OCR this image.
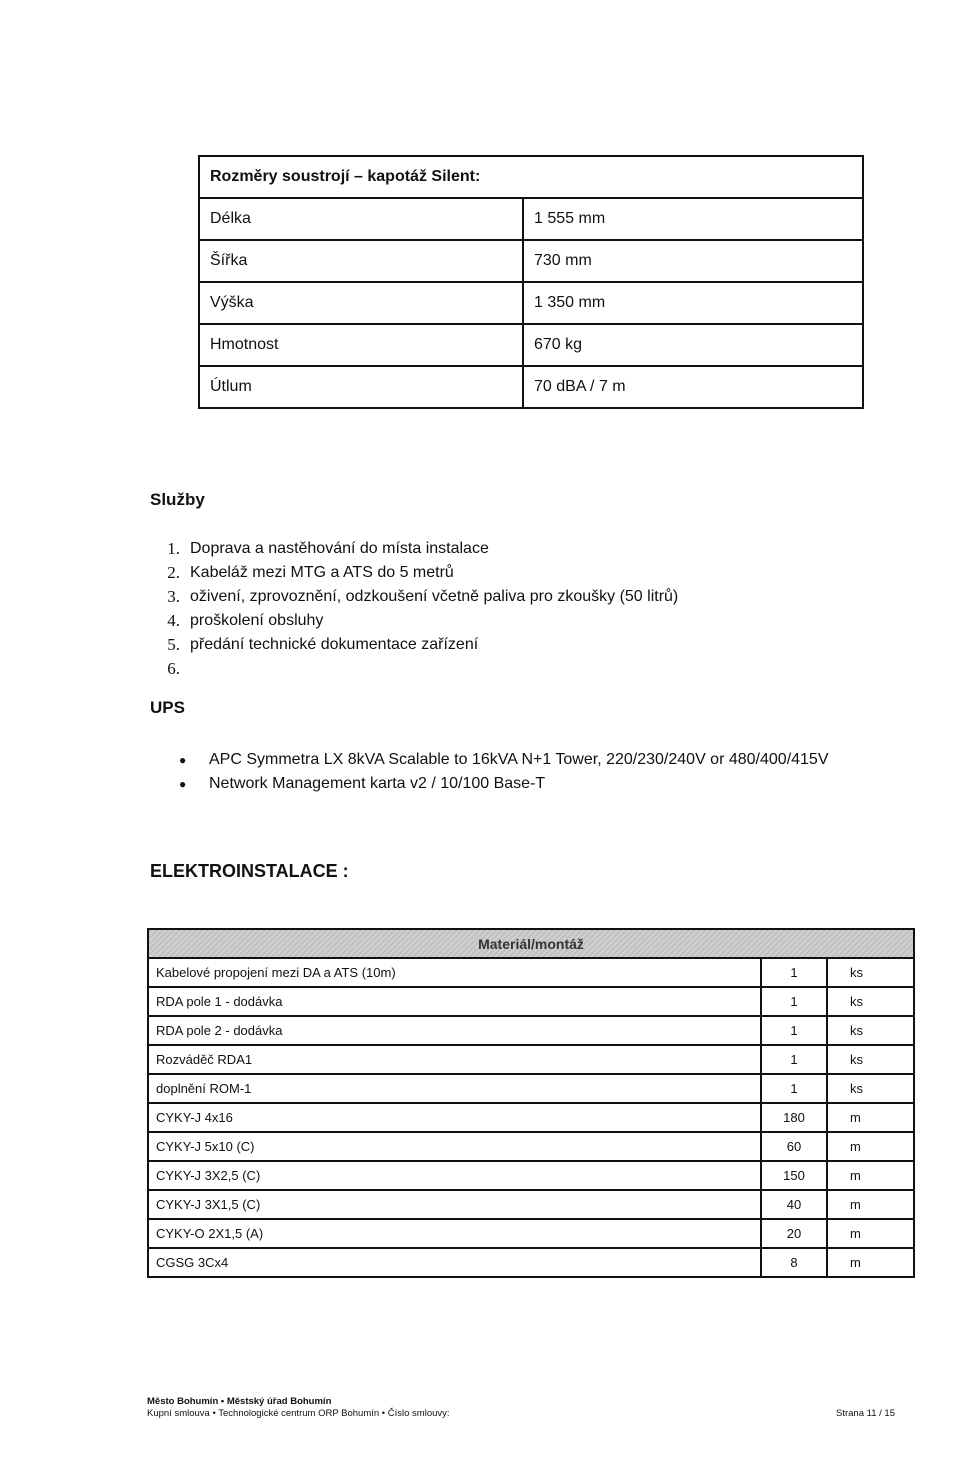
Rozměry soustrojí – kapotáž Silent:	
Délka	1 555 mm
Šířka	730 mm
Výška	1 350 mm
Hmotnost	670 kg
Útlum	70 dBA / 7 m
Služby
1. Doprava a nastěhování do místa instalace
2. Kabeláž mezi MTG a ATS do 5 metrů
3. oživení, zprovoznění, odzkoušení včetně paliva pro zkoušky (50 litrů)
4. proškolení obsluhy
5. předání technické dokumentace zařízení
6.
UPS
●	APC Symmetra LX 8kVA Scalable to 16kVA N+1 Tower, 220/230/240V or 480/400/415V
●	Network Management karta v2 / 10/100 Base-T
ELEKTROINSTALACE :
Materiál/montáž		
Kabelové propojení mezi DA a ATS (10m)	1	ks
RDA pole 1 - dodávka	1	ks
RDA pole 2 - dodávka	1	ks
Rozváděč RDA1	1	ks
doplnění ROM-1	1	ks
CYKY-J 4x16	180	m
CYKY-J 5x10 (C)	60	m
CYKY-J 3X2,5 (C)	150	m
CYKY-J 3X1,5 (C)	40	m
CYKY-O 2X1,5 (A)	20	m
CGSG 3Cx4	8	m
Město Bohumín • Městský úřad Bohumín
Kupní smlouva • Technologické centrum ORP Bohumín • Číslo smlouvy:	Strana 11 / 15
